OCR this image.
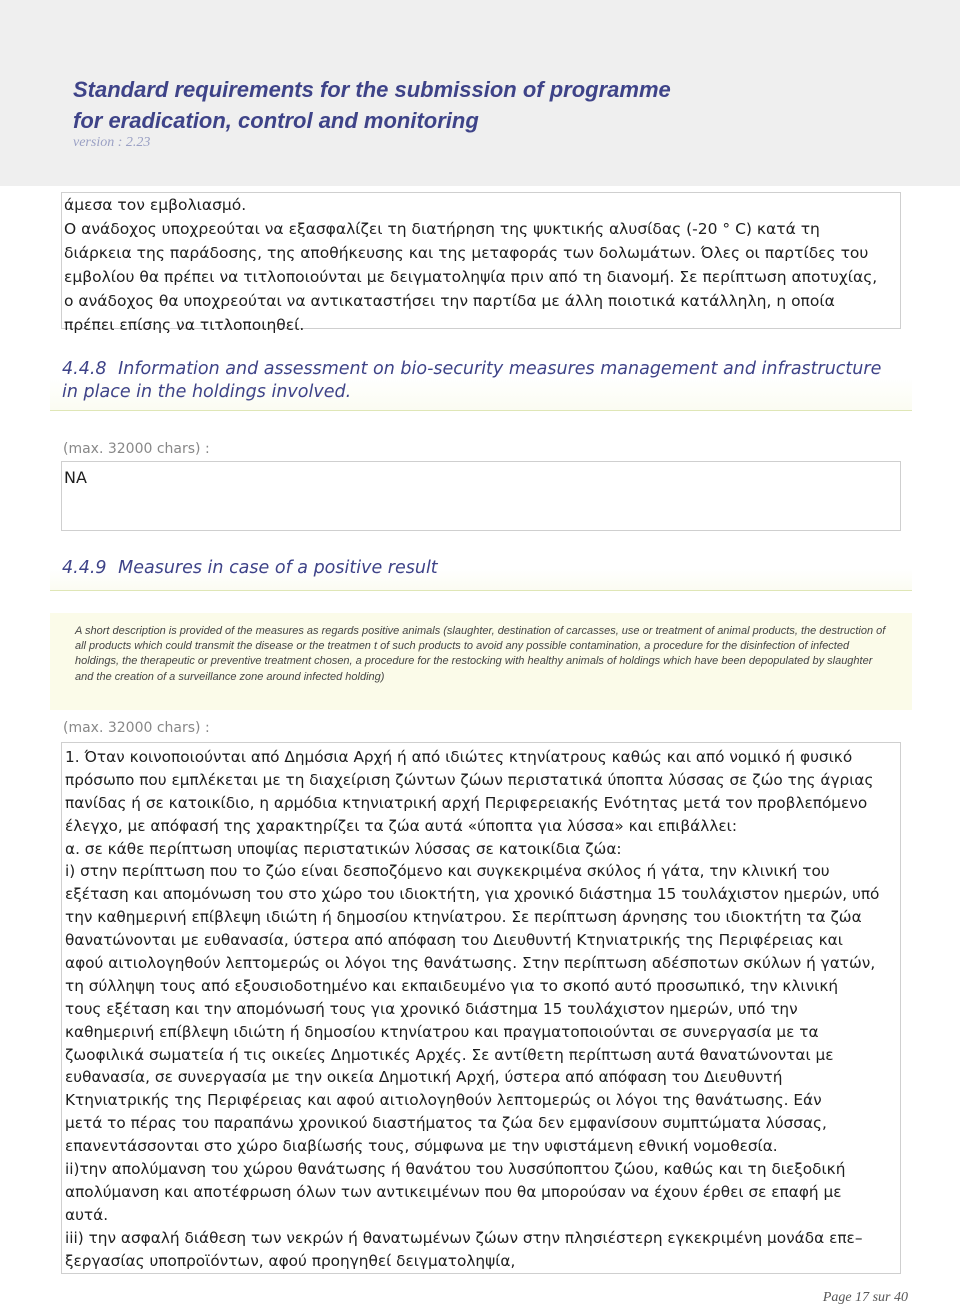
Standard requirements for the submission of programme
for eradication, control and monitoring
version : 2.23
άμεσα τον εμβολιασμό.
Ο ανάδοχος υποχρεούται να εξασφαλίζει τη διατήρηση της ψυκτικής αλυσίδας (-20 ° C) κατά τη
διάρκεια της παράδοσης, της αποθήκευσης και της μεταφοράς των δολωμάτων. Όλες οι παρτίδες του
εμβολίου θα πρέπει να τιτλοποιούνται με δειγματοληψία πριν από τη διανομή. Σε περίπτωση αποτυχίας,
ο ανάδοχος θα υποχρεούται να αντικαταστήσει την παρτίδα με άλλη ποιοτικά κατάλληλη, η οποία
πρέπει επίσης να τιτλοποιηθεί.
4.4.8 Information and assessment on bio-security measures management and infrastructure
in place in the holdings involved.
(max. 32000 chars) :
NA
4.4.9 Measures in case of a positive result
A short description is provided of the measures as regards positive animals (slaughter, destination of carcasses, use or treatment of animal products, the destruction of all products which could transmit the disease or the treatmen t of such products to avoid any possible contamination, a procedure for the disinfection of infected holdings, the therapeutic or preventive treatment chosen, a procedure for the restocking with healthy animals of holdings which have been depopulated by slaughter and the creation of a surveillance zone around infected holding)
(max. 32000 chars) :
1. Όταν κοινοποιούνται από Δημόσια Αρχή ή από ιδιώτες κτηνίατρους καθώς και από νομικό ή φυσικό
πρόσωπο που εμπλέκεται με τη διαχείριση ζώντων ζώων περιστατικά ύποπτα λύσσας σε ζώο της άγριας
πανίδας ή σε κατοικίδιο, η αρμόδια κτηνιατρική αρχή Περιφερειακής Ενότητας μετά τον προβλεπόμενο
έλεγχο, με απόφασή της χαρακτηρίζει τα ζώα αυτά «ύποπτα για λύσσα» και επιβάλλει:
α. σε κάθε περίπτωση υποψίας περιστατικών λύσσας σε κατοικίδια ζώα:
i) στην περίπτωση που το ζώο είναι δεσποζόμενο και συγκεκριμένα σκύλος ή γάτα, την κλινική του
εξέταση και απομόνωση του στο χώρο του ιδιοκτήτη, για χρονικό διάστημα 15 τουλάχιστον ημερών, υπό
την καθημερινή επίβλεψη ιδιώτη ή δημοσίου κτηνίατρου. Σε περίπτωση άρνησης του ιδιοκτήτη τα ζώα
θανατώνονται με ευθανασία, ύστερα από απόφαση του Διευθυντή Κτηνιατρικής της Περιφέρειας και
αφού αιτιολογηθούν λεπτομερώς οι λόγοι της θανάτωσης. Στην περίπτωση αδέσποτων σκύλων ή γατών,
τη σύλληψη τους από εξουσιοδοτημένο και εκπαιδευμένο για το σκοπό αυτό προσωπικό, την κλινική
τους εξέταση και την απομόνωσή τους για χρονικό διάστημα 15 τουλάχιστον ημερών, υπό την
καθημερινή επίβλεψη ιδιώτη ή δημοσίου κτηνίατρου και πραγματοποιούνται σε συνεργασία με τα
ζωοφιλικά σωματεία ή τις οικείες Δημοτικές Αρχές. Σε αντίθετη περίπτωση αυτά θανατώνονται με
ευθανασία, σε συνεργασία με την οικεία Δημοτική Αρχή, ύστερα από απόφαση του Διευθυντή
Κτηνιατρικής της Περιφέρειας και αφού αιτιολογηθούν λεπτομερώς οι λόγοι της θανάτωσης. Εάν
μετά το πέρας του παραπάνω χρονικού διαστήματος τα ζώα δεν εμφανίσουν συμπτώματα λύσσας,
επανεντάσσονται στο χώρο διαβίωσής τους, σύμφωνα με την υφιστάμενη εθνική νομοθεσία.
ii)την απολύμανση του χώρου θανάτωσης ή θανάτου του λυσσύποπτου ζώου, καθώς και τη διεξοδική
απολύμανση και αποτέφρωση όλων των αντικειμένων που θα μπορούσαν να έχουν έρθει σε επαφή με
αυτά.
iii) την ασφαλή διάθεση των νεκρών ή θανατωμένων ζώων στην πλησιέστερη εγκεκριμένη μονάδα επε–
ξεργασίας υποπροϊόντων, αφού προηγηθεί δειγματοληψία,
Page 17 sur 40
